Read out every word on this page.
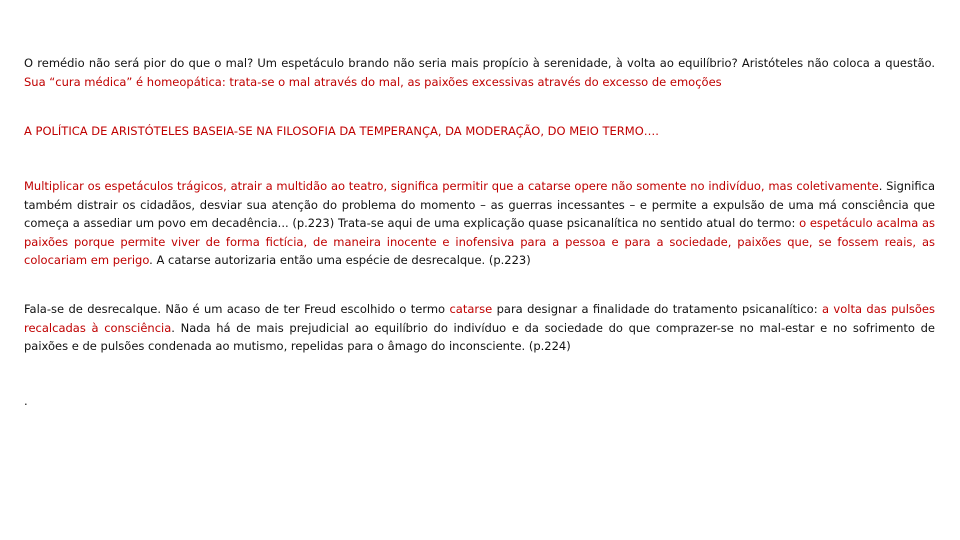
O remédio não será pior do que o mal? Um espetáculo brando não seria mais propício à serenidade, à volta ao equilíbrio? Aristóteles não coloca a questão. Sua “cura médica” é homeopática: trata-se o mal através do mal, as paixões excessivas através do excesso de emoções

A POLÍTICA DE ARISTÓTELES BASEIA-SE NA FILOSOFIA DA TEMPERANÇA, DA MODERAÇÃO, DO MEIO TERMO….

Multiplicar os espetáculos trágicos, atrair a multidão ao teatro, significa permitir que a catarse opere não somente no indivíduo, mas coletivamente. Significa também distrair os cidadãos, desviar sua atenção do problema do momento – as guerras incessantes – e permite a expulsão de uma má consciência que começa a assediar um povo em decadência... (p.223) Trata-se aqui de uma explicação quase psicanalítica no sentido atual do termo: o espetáculo acalma as paixões porque permite viver de forma fictícia, de maneira inocente e inofensiva para a pessoa e para a sociedade, paixões que, se fossem reais, as colocariam em perigo. A catarse autorizaria então uma espécie de desrecalque. (p.223)

Fala-se de desrecalque. Não é um acaso de ter Freud escolhido o termo catarse para designar a finalidade do tratamento psicanalítico: a volta das pulsões recalcadas à consciência. Nada há de mais prejudicial ao equilíbrio do indivíduo e da sociedade do que comprazer-se no mal-estar e no sofrimento de paixões e de pulsões condenada ao mutismo, repelidas para o âmago do inconsciente. (p.224)

.
